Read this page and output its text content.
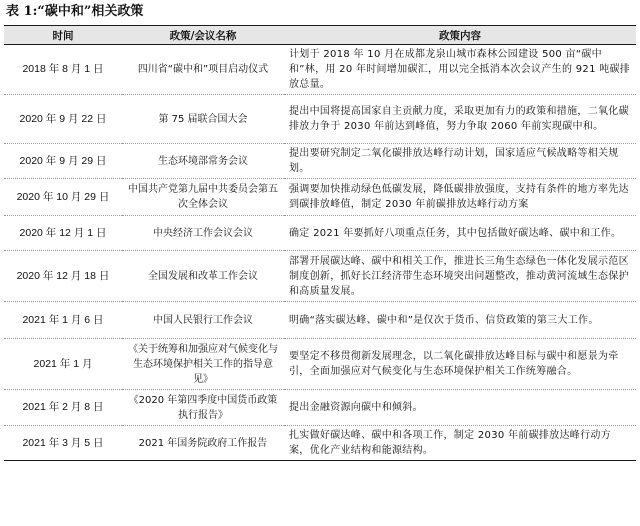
表 1:“碳中和”相关政策
时间	政策/会议名称	政策内容
2018 年 8 月 1 日	四川省“碳中和”项目启动仪式	计划于 2018 年 10 月在成都龙泉山城市森林公园建设 500 亩“碳中和”林，用 20 年时间增加碳汇，用以完全抵消本次会议产生的 921 吨碳排放总量。
2020 年 9 月 22 日	第 75 届联合国大会	提出中国将提高国家自主贡献力度，采取更加有力的政策和措施，二氧化碳排放力争于 2030 年前达到峰值，努力争取 2060 年前实现碳中和。
2020 年 9 月 29 日	生态环境部常务会议	提出要研究制定二氧化碳排放达峰行动计划，国家适应气候战略等相关规划。
2020 年 10 月 29 日	中国共产党第九届中共委员会第五次全体会议	强调要加快推动绿色低碳发展，降低碳排放强度，支持有条件的地方率先达到碳排放峰值，制定 2030 年前碳排放达峰行动方案
2020 年 12 月 1 日	中央经济工作会议会议	确定 2021 年要抓好八项重点任务，其中包括做好碳达峰、碳中和工作。
2020 年 12 月 18 日	全国发展和改革工作会议	部署开展碳达峰、碳中和相关工作，推进长三角生态绿色一体化发展示范区制度创新，抓好长江经济带生态环境突出问题整改，推动黄河流域生态保护和高质量发展。
2021 年 1 月 6 日	中国人民银行工作会议	明确“落实碳达峰、碳中和”是仅次于货币、信贷政策的第三大工作。
2021 年 1 月	《关于统筹和加强应对气候变化与生态环境保护相关工作的指导意见》	要坚定不移贯彻新发展理念，以二氧化碳排放达峰目标与碳中和愿景为牵引，全面加强应对气候变化与生态环境保护相关工作统筹融合。
2021 年 2 月 8 日	《2020 年第四季度中国货币政策执行报告》	提出金融资源向碳中和倾斜。
2021 年 3 月 5 日	2021 年国务院政府工作报告	扎实做好碳达峰、碳中和各项工作，制定 2030 年前碳排放达峰行动方案，优化产业结构和能源结构。
